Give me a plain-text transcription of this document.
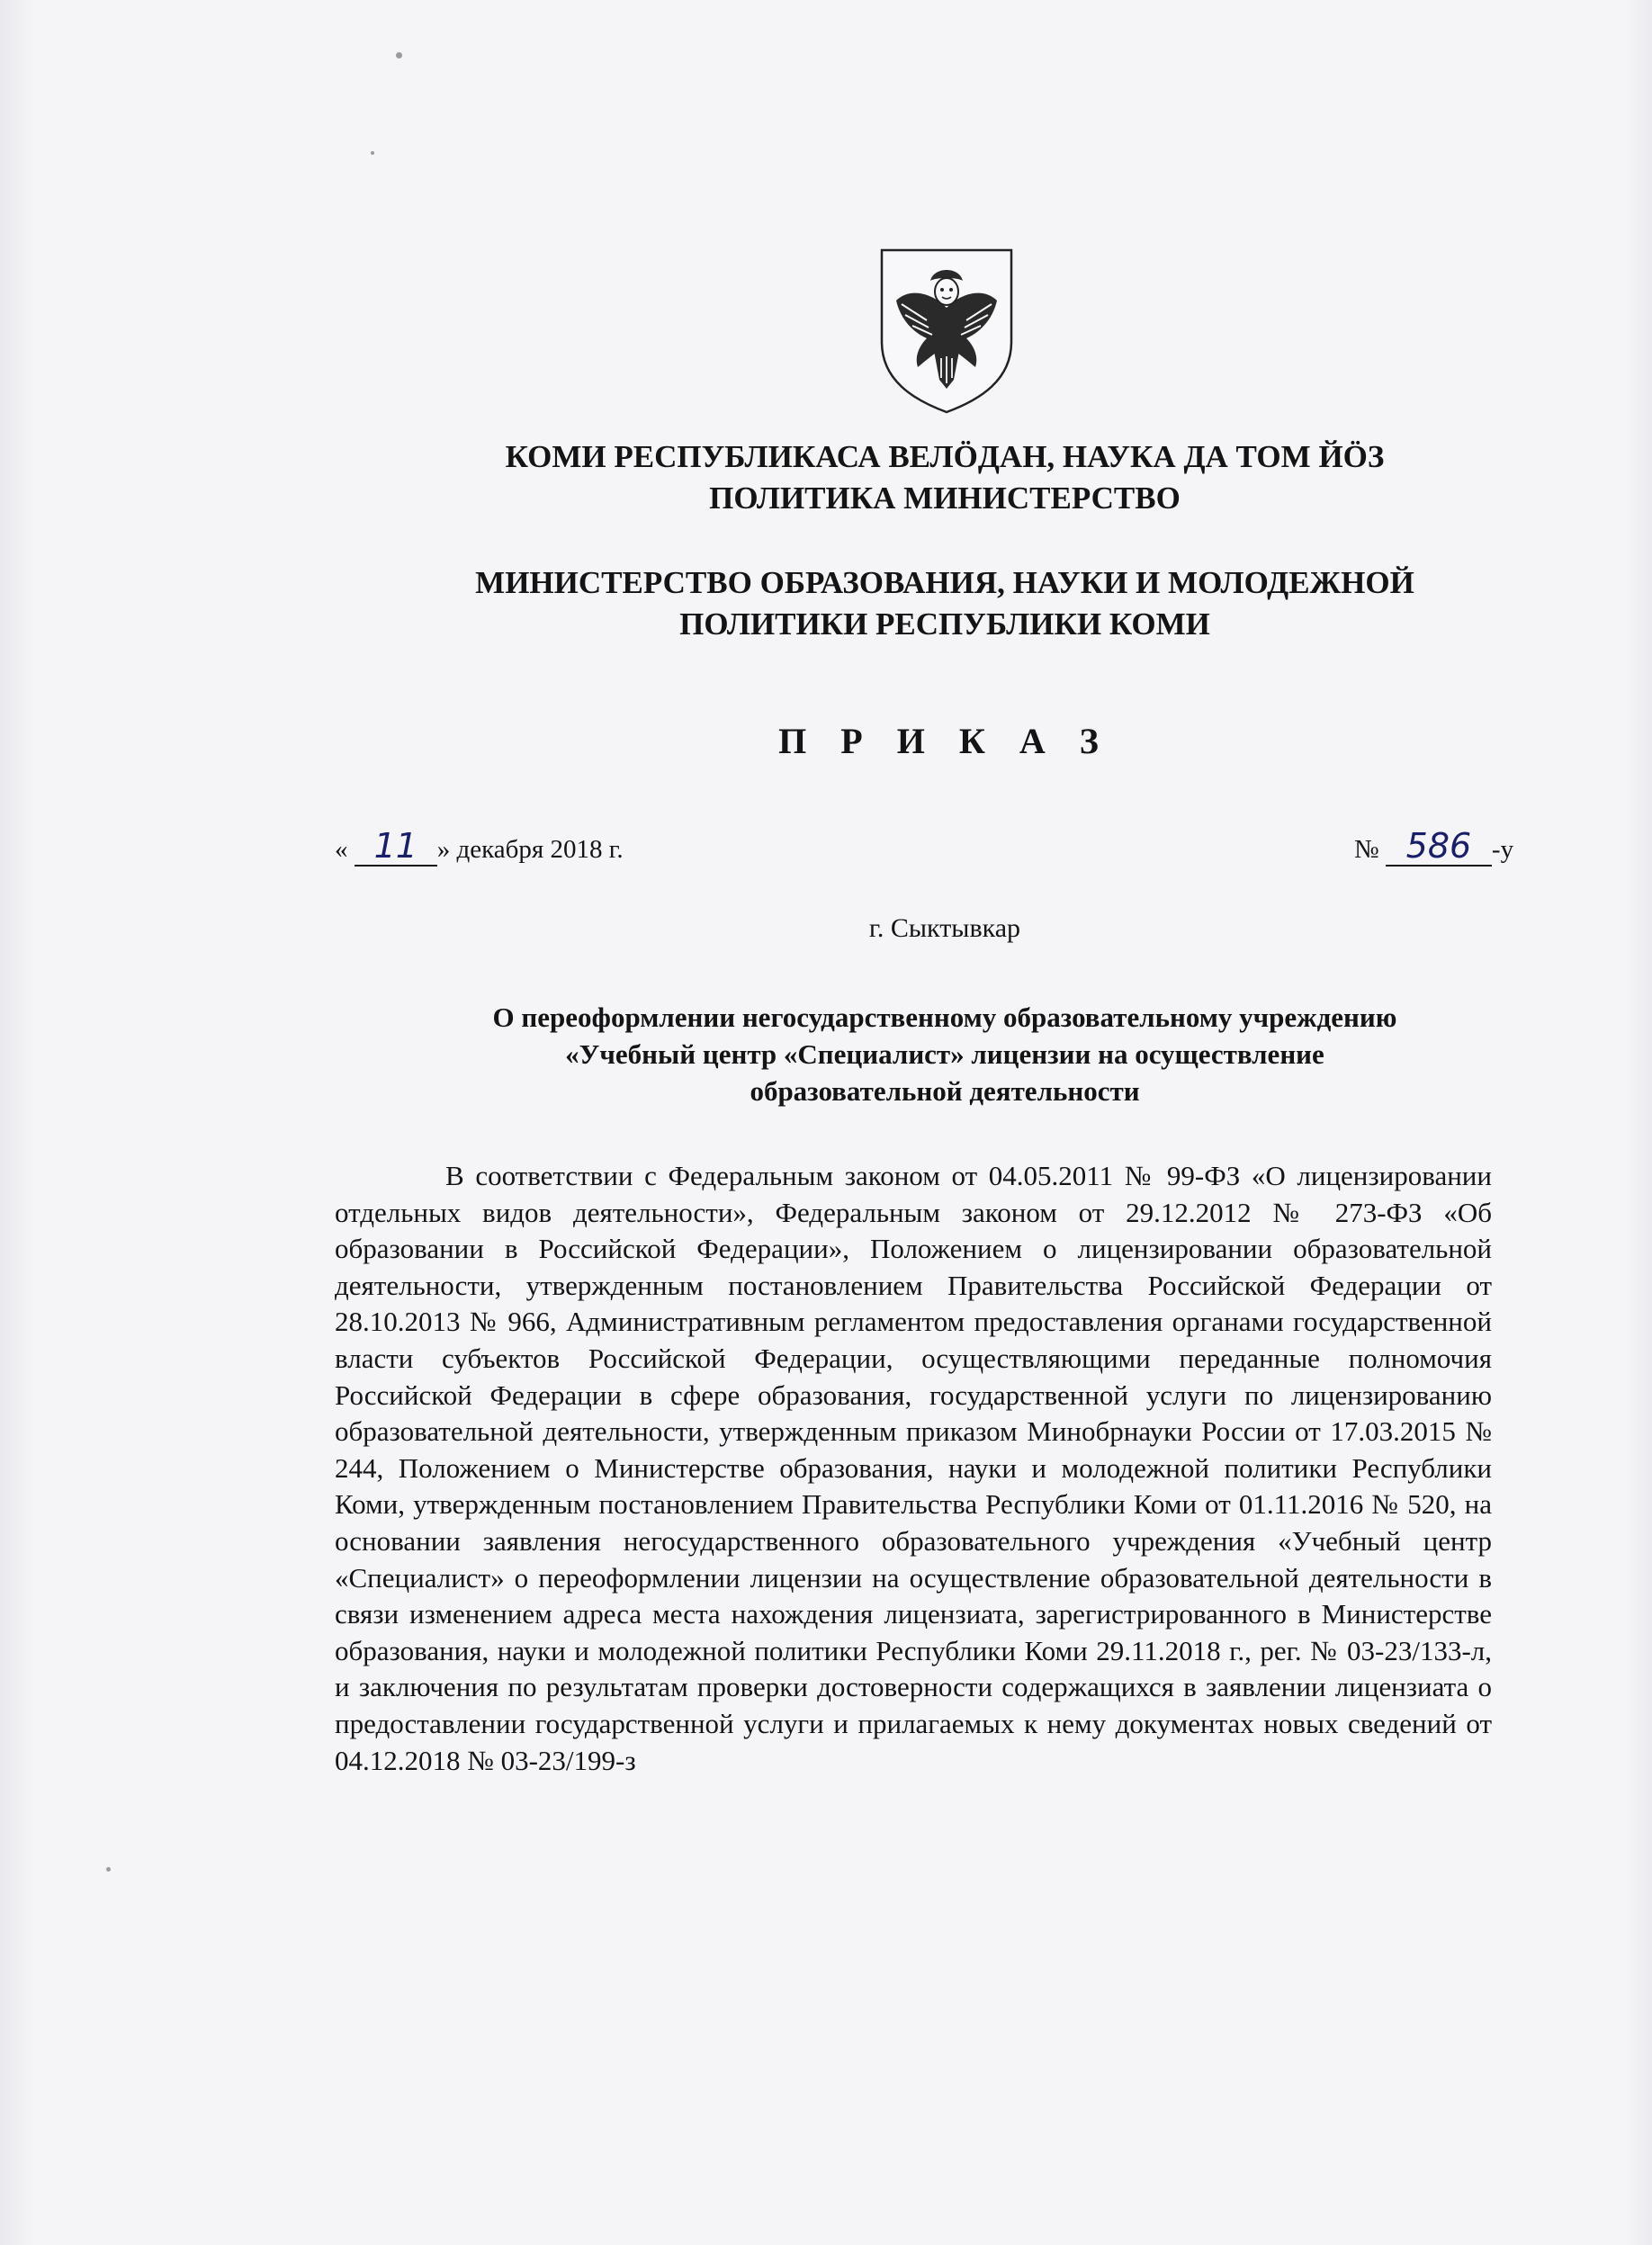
КОМИ РЕСПУБЛИКАСА ВЕЛÖДАН, НАУКА ДА ТОМ ЙÖЗ
ПОЛИТИКА МИНИСТЕРСТВО
МИНИСТЕРСТВО ОБРАЗОВАНИЯ, НАУКИ И МОЛОДЕЖНОЙ
ПОЛИТИКИ РЕСПУБЛИКИ КОМИ
П Р И К А З
« 11 » декабря 2018 г.	№ 586 -у
г. Сыктывкар
О переоформлении негосударственному образовательному учреждению
«Учебный центр «Специалист» лицензии на осуществление
образовательной деятельности
В соответствии с Федеральным законом от 04.05.2011 № 99-ФЗ «О лицензировании отдельных видов деятельности», Федеральным законом от 29.12.2012 № 273-ФЗ «Об образовании в Российской Федерации», Положением о лицензировании образовательной деятельности, утвержденным постановлением Правительства Российской Федерации от 28.10.2013 № 966, Административным регламентом предоставления органами государственной власти субъектов Российской Федерации, осуществляющими переданные полномочия Российской Федерации в сфере образования, государственной услуги по лицензированию образовательной деятельности, утвержденным приказом Минобрнауки России от 17.03.2015 № 244, Положением о Министерстве образования, науки и молодежной политики Республики Коми, утвержденным постановлением Правительства Республики Коми от 01.11.2016 № 520, на основании заявления негосударственного образовательного учреждения «Учебный центр «Специалист» о переоформлении лицензии на осуществление образовательной деятельности в связи изменением адреса места нахождения лицензиата, зарегистрированного в Министерстве образования, науки и молодежной политики Республики Коми 29.11.2018 г., рег. № 03-23/133-л, и заключения по результатам проверки достоверности содержащихся в заявлении лицензиата о предоставлении государственной услуги и прилагаемых к нему документах новых сведений от 04.12.2018 № 03-23/199-з
